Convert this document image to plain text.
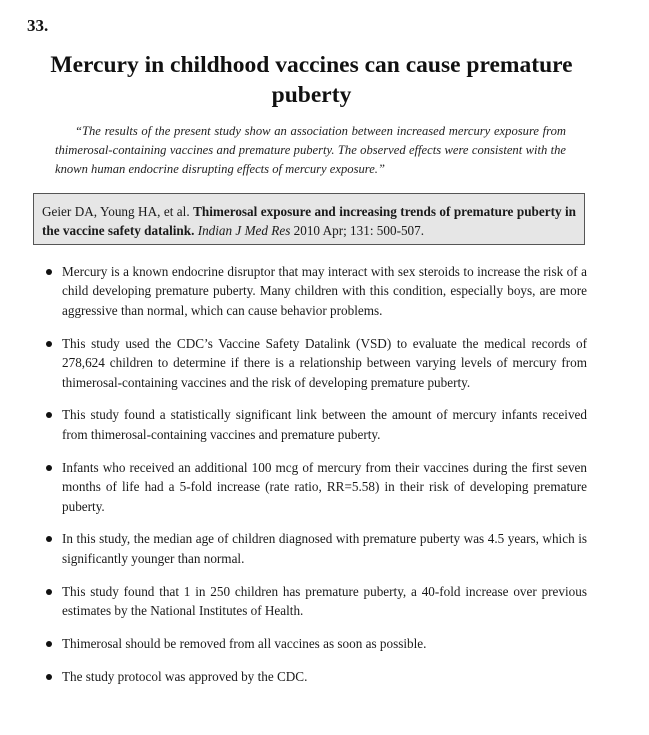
33.
Mercury in childhood vaccines can cause premature puberty

“The results of the present study show an association between increased mercury exposure from thimerosal-containing vaccines and premature puberty. The observed effects were consistent with the known human endocrine disrupting effects of mercury exposure.”

Geier DA, Young HA, et al. Thimerosal exposure and increasing trends of premature puberty in the vaccine safety datalink. Indian J Med Res 2010 Apr; 131: 500-507.
Mercury is a known endocrine disruptor that may interact with sex steroids to increase the risk of a child developing premature puberty. Many children with this condition, especially boys, are more aggressive than normal, which can cause behavior problems.
This study used the CDC’s Vaccine Safety Datalink (VSD) to evaluate the medical records of 278,624 children to determine if there is a relationship between varying levels of mercury from thimerosal-containing vaccines and the risk of developing premature puberty.
This study found a statistically significant link between the amount of mercury infants received from thimerosal-containing vaccines and premature puberty.
Infants who received an additional 100 mcg of mercury from their vaccines during the first seven months of life had a 5-fold increase (rate ratio, RR=5.58) in their risk of developing premature puberty.
In this study, the median age of children diagnosed with premature puberty was 4.5 years, which is significantly younger than normal.
This study found that 1 in 250 children has premature puberty, a 40-fold increase over previous estimates by the National Institutes of Health.
Thimerosal should be removed from all vaccines as soon as possible.
The study protocol was approved by the CDC.
